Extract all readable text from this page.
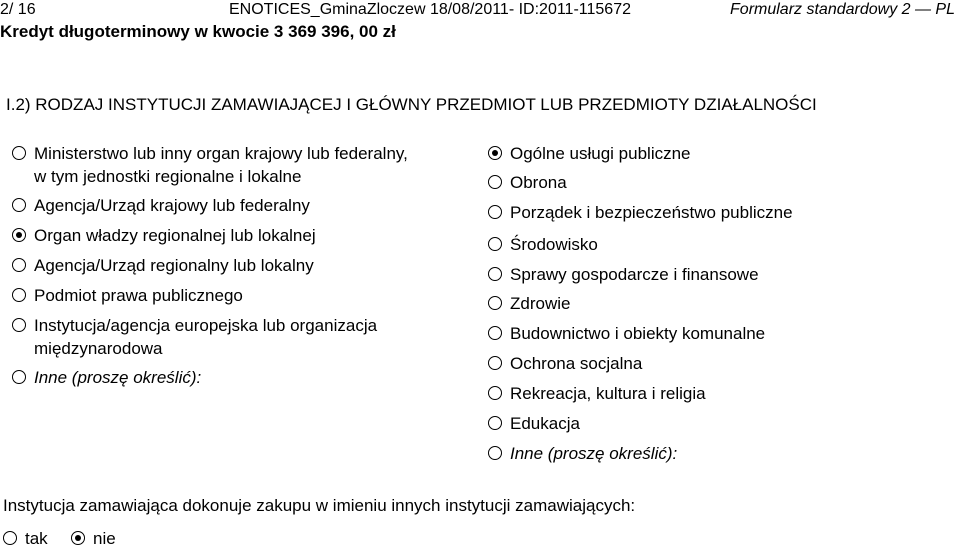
2/ 16	ENOTICES_GminaZloczew 18/08/2011- ID:2011-115672	Formularz standardowy 2 — PL
Kredyt długoterminowy w kwocie 3 369 396, 00 zł
I.2) RODZAJ INSTYTUCJI ZAMAWIAJĄCEJ I GŁÓWNY PRZEDMIOT LUB PRZEDMIOTY DZIAŁALNOŚCI
Ministerstwo lub inny organ krajowy lub federalny,
w tym jednostki regionalne i lokalne
Agencja/Urząd krajowy lub federalny
Organ władzy regionalnej lub lokalnej
Agencja/Urząd regionalny lub lokalny
Podmiot prawa publicznego
Instytucja/agencja europejska lub organizacja
międzynarodowa
Inne (proszę określić):
Ogólne usługi publiczne
Obrona
Porządek i bezpieczeństwo publiczne
Środowisko
Sprawy gospodarcze i finansowe
Zdrowie
Budownictwo i obiekty komunalne
Ochrona socjalna
Rekreacja, kultura i religia
Edukacja
Inne (proszę określić):
Instytucja zamawiająca dokonuje zakupu w imieniu innych instytucji zamawiających:
tak	nie
